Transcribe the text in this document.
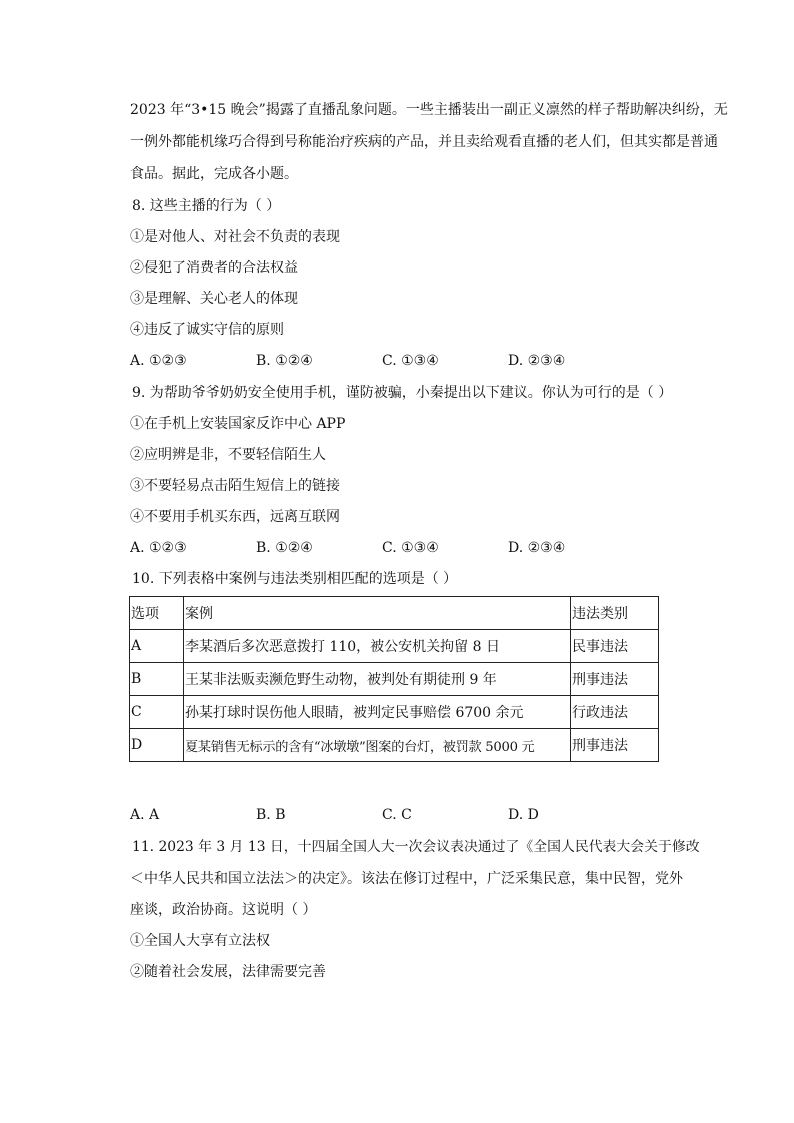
2023 年“3•15 晚会”揭露了直播乱象问题。一些主播装出一副正义凛然的样子帮助解决纠纷，无
一例外都能机缘巧合得到号称能治疗疾病的产品，并且卖给观看直播的老人们，但其实都是普通
食品。据此，完成各小题。
8. 这些主播的行为（ ）
①是对他人、对社会不负责的表现
②侵犯了消费者的合法权益
③是理解、关心老人的体现
④违反了诚实守信的原则
A. ①②③	B. ①②④	C. ①③④	D. ②③④
9. 为帮助爷爷奶奶安全使用手机，谨防被骗，小秦提出以下建议。你认为可行的是（ ）
①在手机上安装国家反诈中心 APP
②应明辨是非，不要轻信陌生人
③不要轻易点击陌生短信上的链接
④不要用手机买东西，远离互联网
A. ①②③	B. ①②④	C. ①③④	D. ②③④
10. 下列表格中案例与违法类别相匹配的选项是（ ）
选项	案例	违法类别
A	李某酒后多次恶意拨打 110，被公安机关拘留 8 日	民事违法
B	王某非法贩卖濒危野生动物，被判处有期徒刑 9 年	刑事违法
C	孙某打球时误伤他人眼睛，被判定民事赔偿 6700 余元	行政违法
D	夏某销售无标示的含有“冰墩墩”图案的台灯，被罚款 5000 元	刑事违法
A. A	B. B	C. C	D. D
11. 2023 年 3 月 13 日，十四届全国人大一次会议表决通过了《全国人民代表大会关于修改
＜中华人民共和国立法法＞的决定》。该法在修订过程中，广泛采集民意，集中民智，党外
座谈，政治协商。这说明（ ）
①全国人大享有立法权
②随着社会发展，法律需要完善
